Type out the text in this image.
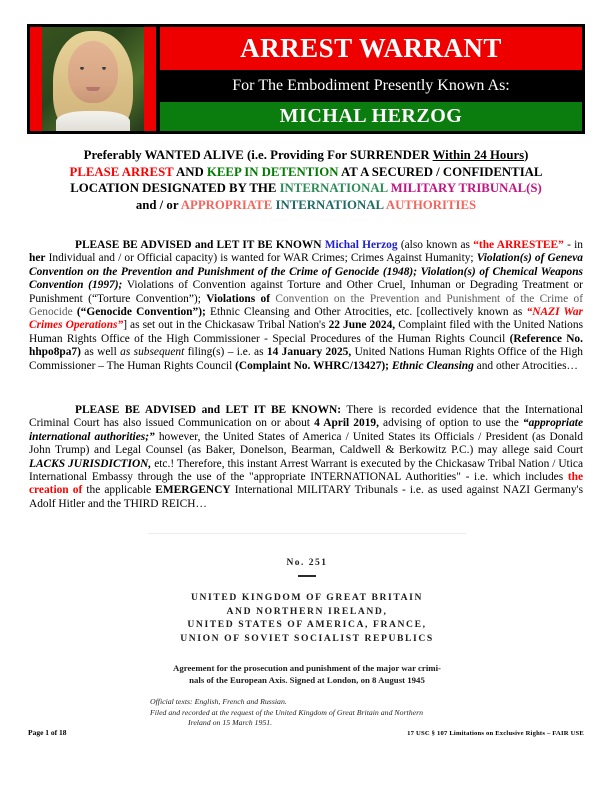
ARREST WARRANT
For The Embodiment Presently Known As:
MICHAL HERZOG
Preferably WANTED ALIVE (i.e. Providing For SURRENDER Within 24 Hours)
PLEASE ARREST AND KEEP IN DETENTION AT A SECURED / CONFIDENTIAL
LOCATION DESIGNATED BY THE INTERNATIONAL MILITARY TRIBUNAL(S)
and / or APPROPRIATE INTERNATIONAL AUTHORITIES
PLEASE BE ADVISED and LET IT BE KNOWN Michal Herzog (also known as “the ARRESTEE” - in her Individual and / or Official capacity) is wanted for WAR Crimes; Crimes Against Humanity; Violation(s) of Geneva Convention on the Prevention and Punishment of the Crime of Genocide (1948); Violation(s) of Chemical Weapons Convention (1997); Violations of Convention against Torture and Other Cruel, Inhuman or Degrading Treatment or Punishment (“Torture Convention”); Violations of Convention on the Prevention and Punishment of the Crime of Genocide (“Genocide Convention”); Ethnic Cleansing and Other Atrocities, etc. [collectively known as “NAZI War Crimes Operations”] as set out in the Chickasaw Tribal Nation's 22 June 2024, Complaint filed with the United Nations Human Rights Office of the High Commissioner - Special Procedures of the Human Rights Council (Reference No. hhpo8pa7) as well as subsequent filing(s) – i.e. as 14 January 2025, United Nations Human Rights Office of the High Commissioner – The Human Rights Council (Complaint No. WHRC/13427); Ethnic Cleansing and other Atrocities…
PLEASE BE ADVISED and LET IT BE KNOWN: There is recorded evidence that the International Criminal Court has also issued Communication on or about 4 April 2019, advising of option to use the “appropriate international authorities;” however, the United States of America / United States its Officials / President (as Donald John Trump) and Legal Counsel (as Baker, Donelson, Bearman, Caldwell & Berkowitz P.C.) may allege said Court LACKS JURISDICTION, etc.! Therefore, this instant Arrest Warrant is executed by the Chickasaw Tribal Nation / Utica International Embassy through the use of the "appropriate INTERNATIONAL Authorities" - i.e. which includes the creation of the applicable EMERGENCY International MILITARY Tribunals - i.e. as used against NAZI Germany's Adolf Hitler and the THIRD REICH…
No. 251
UNITED KINGDOM OF GREAT BRITAIN
AND NORTHERN IRELAND,
UNITED STATES OF AMERICA, FRANCE,
UNION OF SOVIET SOCIALIST REPUBLICS
Agreement for the prosecution and punishment of the major war crimi-
nals of the European Axis. Signed at London, on 8 August 1945
Official texts: English, French and Russian.
Filed and recorded at the request of the United Kingdom of Great Britain and Northern
Ireland on 15 March 1951.
Page 1 of 18	17 USC § 107 Limitations on Exclusive Rights – FAIR USE
